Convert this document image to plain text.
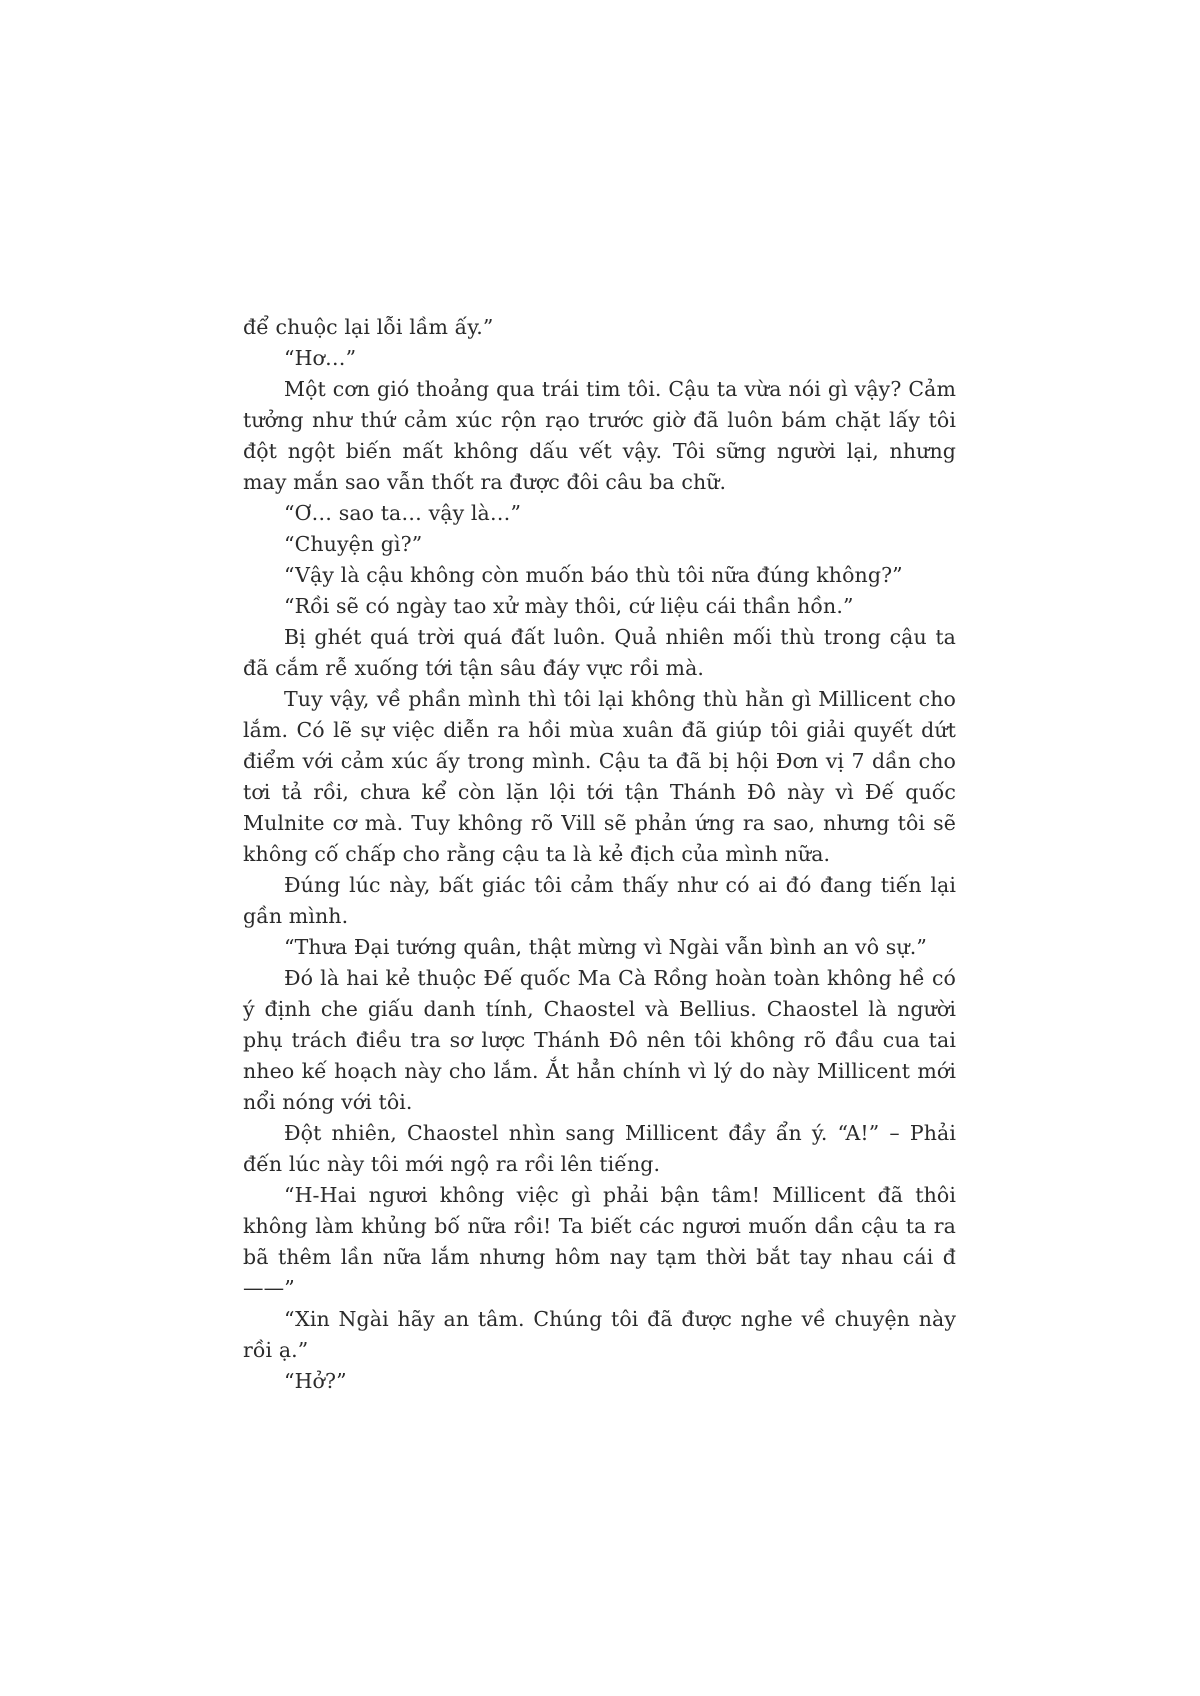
để chuộc lại lỗi lầm ấy.”

“Hơ…”

Một cơn gió thoảng qua trái tim tôi. Cậu ta vừa nói gì vậy? Cảm tưởng như thứ cảm xúc rộn rạo trước giờ đã luôn bám chặt lấy tôi đột ngột biến mất không dấu vết vậy. Tôi sững người lại, nhưng may mắn sao vẫn thốt ra được đôi câu ba chữ.

“Ơ… sao ta… vậy là…”

“Chuyện gì?”

“Vậy là cậu không còn muốn báo thù tôi nữa đúng không?”

“Rồi sẽ có ngày tao xử mày thôi, cứ liệu cái thần hồn.”

Bị ghét quá trời quá đất luôn. Quả nhiên mối thù trong cậu ta đã cắm rễ xuống tới tận sâu đáy vực rồi mà.

Tuy vậy, về phần mình thì tôi lại không thù hằn gì Millicent cho lắm. Có lẽ sự việc diễn ra hồi mùa xuân đã giúp tôi giải quyết dứt điểm với cảm xúc ấy trong mình. Cậu ta đã bị hội Đơn vị 7 dần cho tơi tả rồi, chưa kể còn lặn lội tới tận Thánh Đô này vì Đế quốc Mulnite cơ mà. Tuy không rõ Vill sẽ phản ứng ra sao, nhưng tôi sẽ không cố chấp cho rằng cậu ta là kẻ địch của mình nữa.

Đúng lúc này, bất giác tôi cảm thấy như có ai đó đang tiến lại gần mình.

“Thưa Đại tướng quân, thật mừng vì Ngài vẫn bình an vô sự.”

Đó là hai kẻ thuộc Đế quốc Ma Cà Rồng hoàn toàn không hề có ý định che giấu danh tính, Chaostel và Bellius. Chaostel là người phụ trách điều tra sơ lược Thánh Đô nên tôi không rõ đầu cua tai nheo kế hoạch này cho lắm. Ắt hẳn chính vì lý do này Millicent mới nổi nóng với tôi.

Đột nhiên, Chaostel nhìn sang Millicent đầy ẩn ý. “A!” – Phải đến lúc này tôi mới ngộ ra rồi lên tiếng.

“H-Hai ngươi không việc gì phải bận tâm! Millicent đã thôi không làm khủng bố nữa rồi! Ta biết các ngươi muốn dần cậu ta ra bã thêm lần nữa lắm nhưng hôm nay tạm thời bắt tay nhau cái đ——”

“Xin Ngài hãy an tâm. Chúng tôi đã được nghe về chuyện này rồi ạ.”

“Hở?”
